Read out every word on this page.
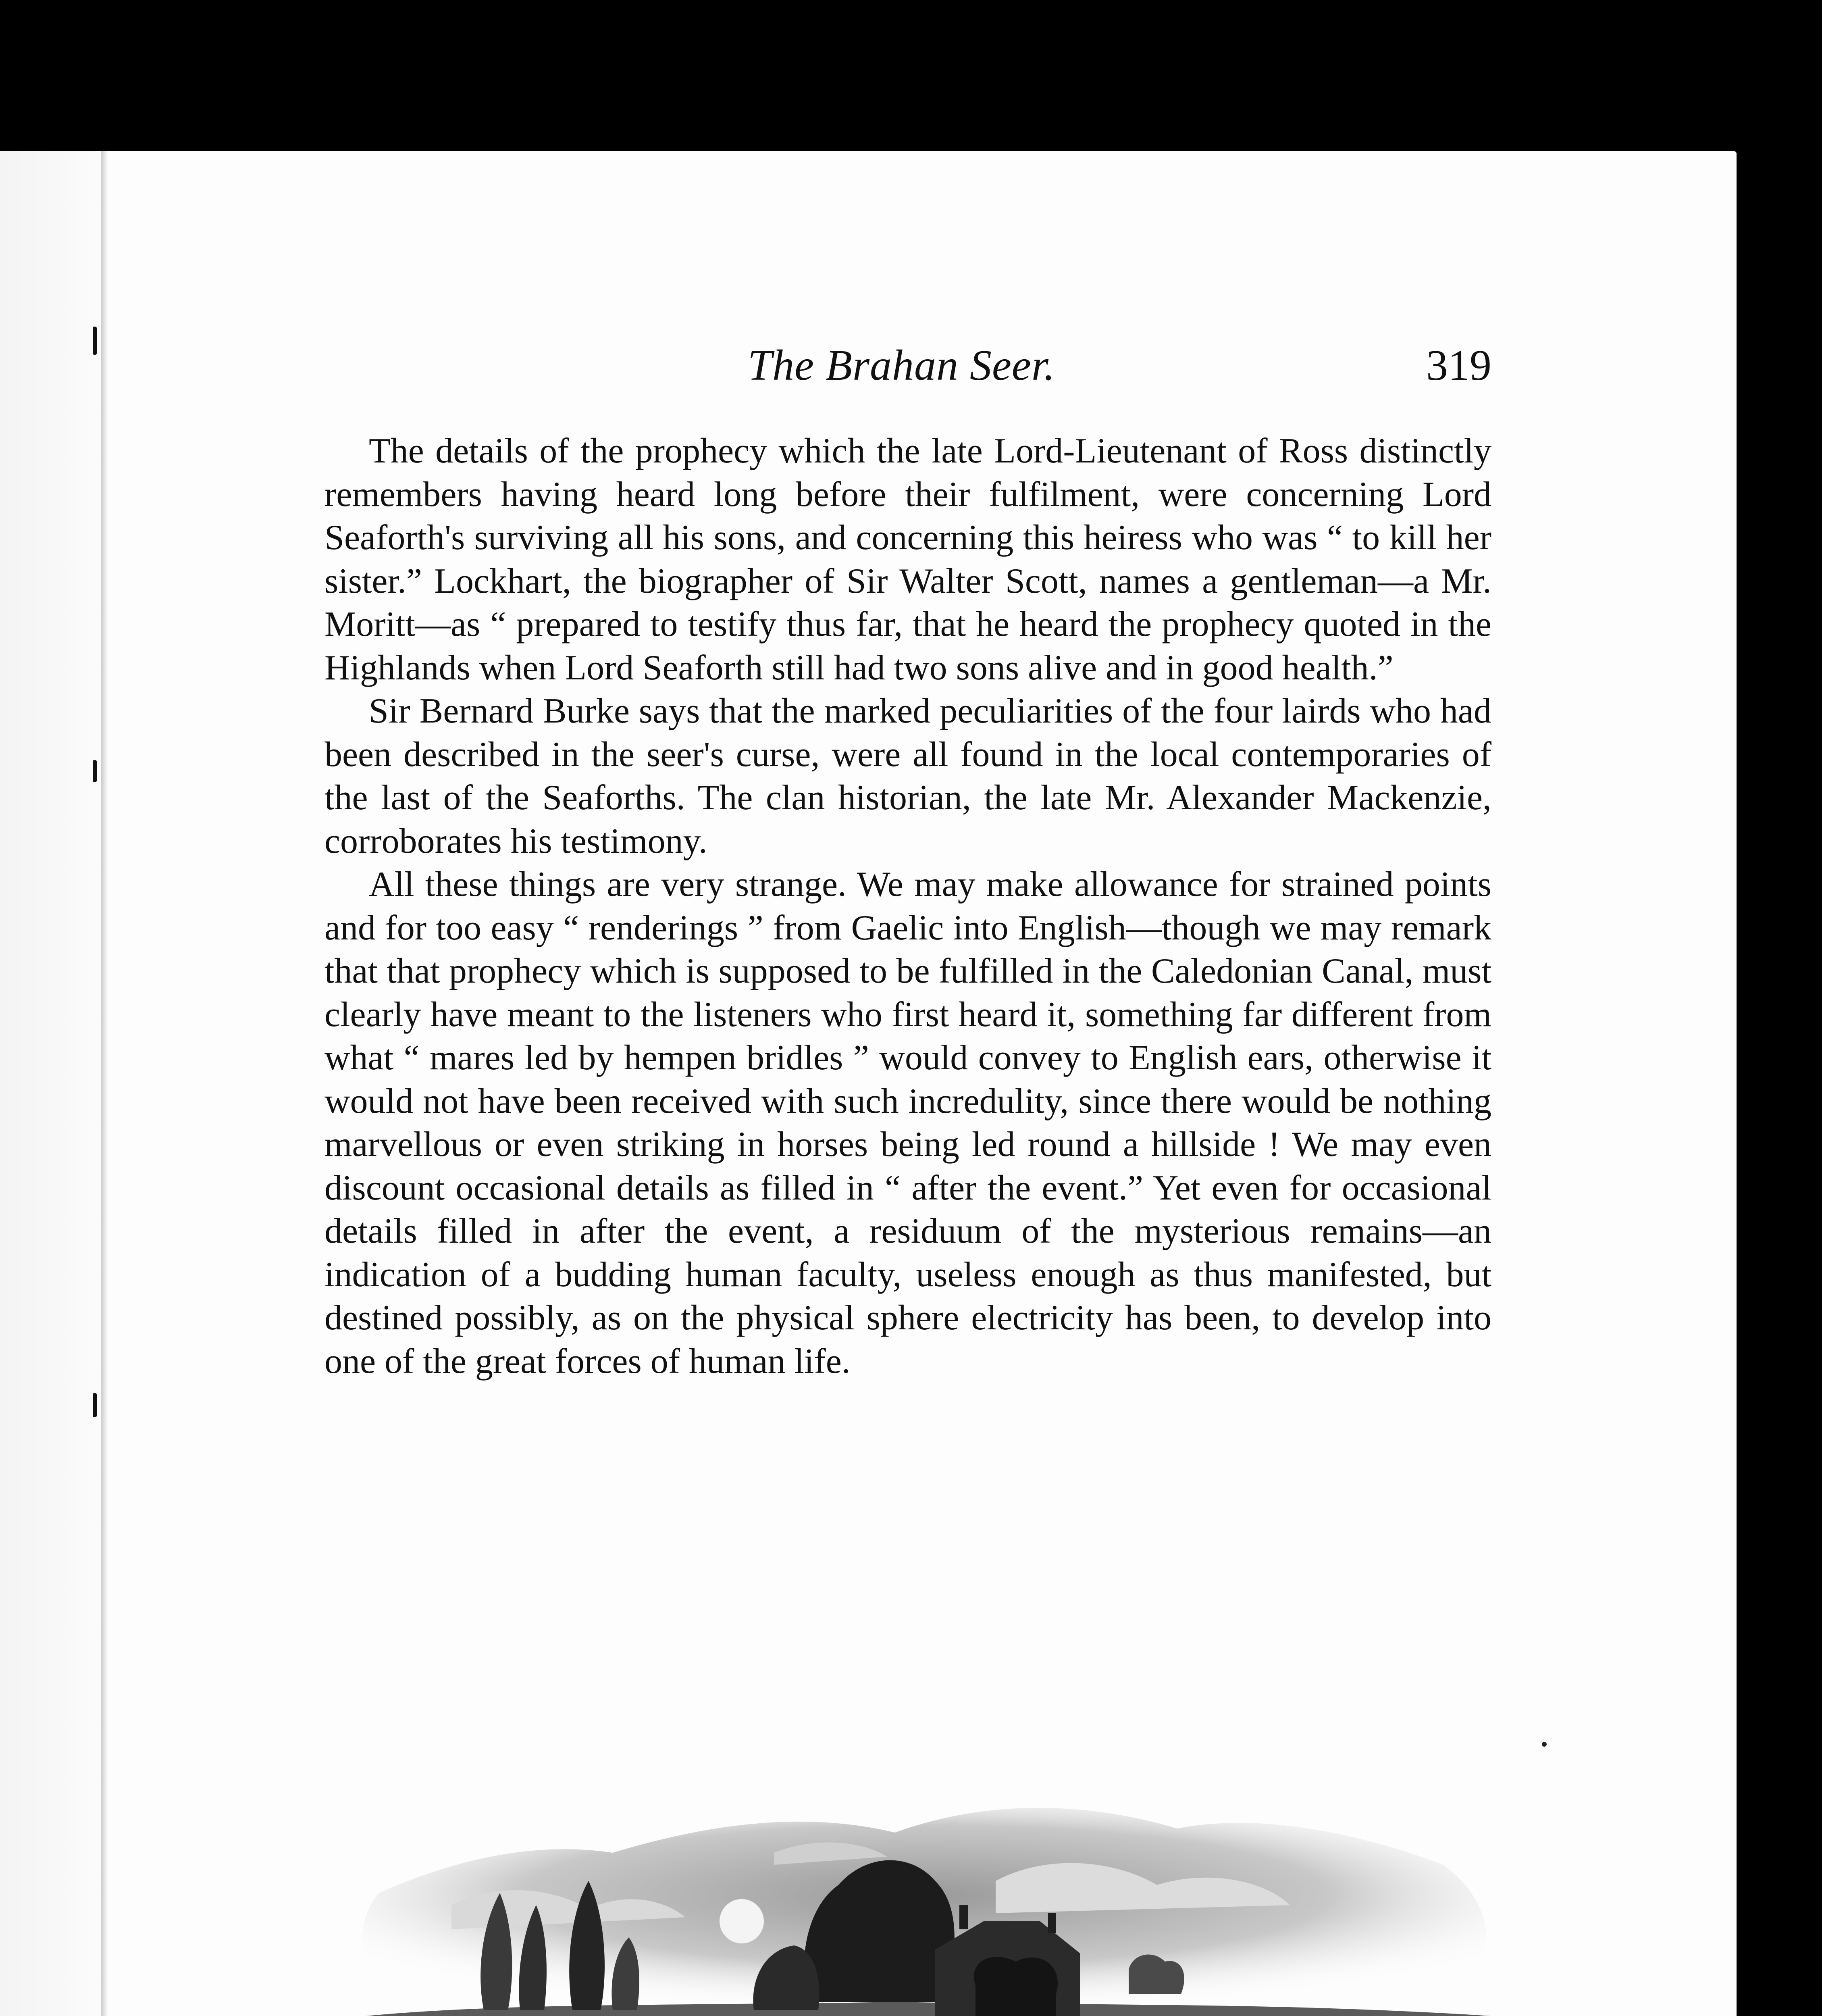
The Brahan Seer.	319

The details of the prophecy which the late Lord-Lieutenant of Ross distinctly remembers having heard long before their fulfilment, were concerning Lord Seaforth's surviving all his sons, and concerning this heiress who was “ to kill her sister.” Lockhart, the biographer of Sir Walter Scott, names a gentleman—a Mr. Moritt—as “ prepared to testify thus far, that he heard the prophecy quoted in the Highlands when Lord Seaforth still had two sons alive and in good health.”

Sir Bernard Burke says that the marked peculiarities of the four lairds who had been described in the seer's curse, were all found in the local contemporaries of the last of the Seaforths. The clan historian, the late Mr. Alexander Mackenzie, corroborates his testimony.

All these things are very strange. We may make allowance for strained points and for too easy “ renderings ” from Gaelic into English—though we may remark that that prophecy which is supposed to be fulfilled in the Caledonian Canal, must clearly have meant to the listeners who first heard it, something far different from what “ mares led by hempen bridles ” would convey to English ears, otherwise it would not have been received with such incredulity, since there would be nothing marvellous or even striking in horses being led round a hillside ! We may even discount occasional details as filled in “ after the event.” Yet even for occasional details filled in after the event, a residuum of the mysterious remains—an indication of a budding human faculty, useless enough as thus manifested, but destined possibly, as on the physical sphere electricity has been, to develop into one of the great forces of human life.
